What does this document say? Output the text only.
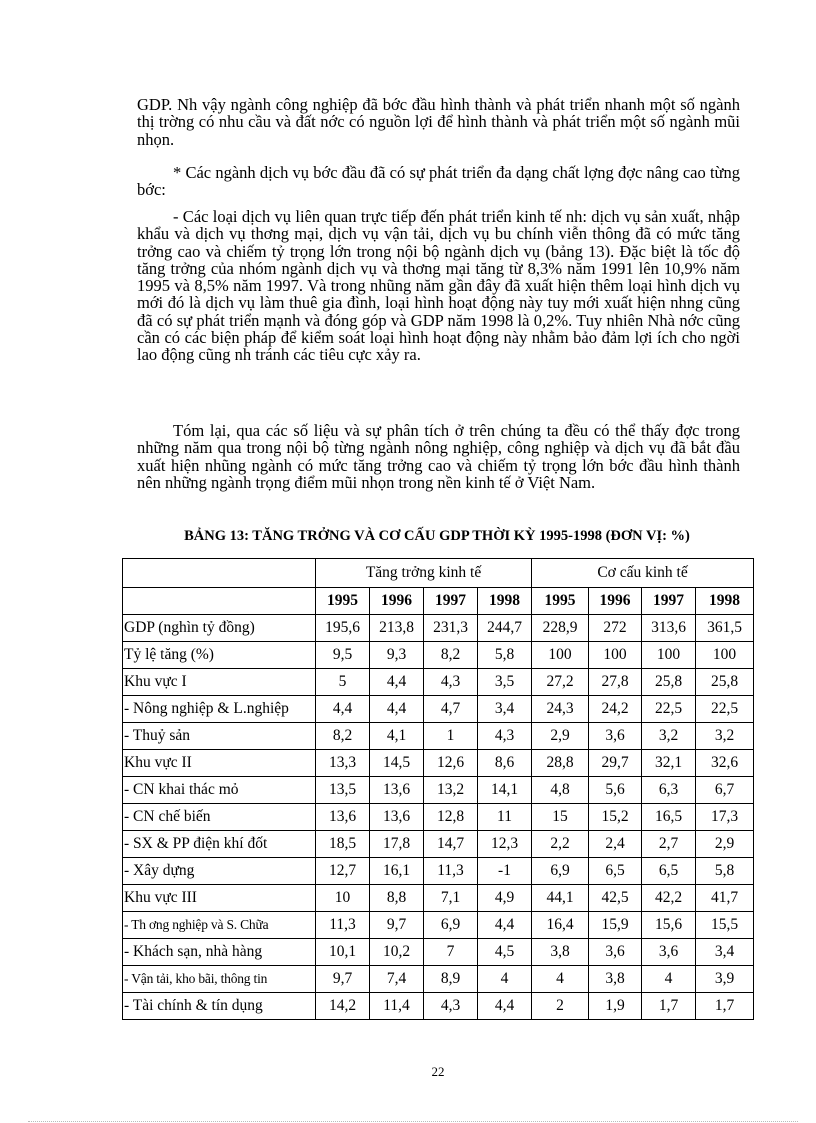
GDP. Nh vậy ngành công nghiệp đã bớc đầu hình thành và phát triển nhanh một số ngành thị trờng có nhu cầu và đất nớc có nguồn lợi để hình thành và phát triển một số ngành mũi nhọn.

* Các ngành dịch vụ bớc đầu đã có sự phát triển đa dạng chất lợng đợc nâng cao từng bớc:

- Các loại dịch vụ liên quan trực tiếp đến phát triển kinh tế nh: dịch vụ sản xuất, nhập khẩu và dịch vụ thơng mại, dịch vụ vận tải, dịch vụ bu chính viễn thông đã có mức tăng trởng cao và chiếm tỷ trọng lớn trong nội bộ ngành dịch vụ (bảng 13). Đặc biệt là tốc độ tăng trởng của nhóm ngành dịch vụ và thơng mại tăng từ 8,3% năm 1991 lên 10,9% năm 1995 và 8,5% năm 1997. Và trong nhũng năm gần đây đã xuất hiện thêm loại hình dịch vụ mới đó là dịch vụ làm thuê gia đình, loại hình hoạt động này tuy mới xuất hiện nhng cũng đã có sự phát triển mạnh và đóng góp và GDP năm 1998 là 0,2%. Tuy nhiên Nhà nớc cũng cần có các biện pháp để kiểm soát loại hình hoạt động này nhằm bảo đảm lợi ích cho ngời lao động cũng nh tránh các tiêu cực xảy ra.

Tóm lại, qua các số liệu và sự phân tích ở trên chúng ta đều có thể thấy đợc trong những năm qua trong nội bộ từng ngành nông nghiệp, công nghiệp và dịch vụ đã bắt đầu xuất hiện nhũng ngành có mức tăng trởng cao và chiếm tỷ trọng lớn bớc đầu hình thành nên những ngành trọng điểm mũi nhọn trong nền kinh tế ở Việt Nam.

BẢNG 13: TĂNG TRỞNG VÀ CƠ CẤU GDP THỜI KỲ 1995-1998 (ĐƠN VỊ: %)

	Tăng trởng kinh tế				Cơ cấu kinh tế			
	1995	1996	1997	1998	1995	1996	1997	1998
GDP (nghìn tỷ đồng)	195,6	213,8	231,3	244,7	228,9	272	313,6	361,5
Tỷ lệ tăng (%)	9,5	9,3	8,2	5,8	100	100	100	100
Khu vực I	5	4,4	4,3	3,5	27,2	27,8	25,8	25,8
- Nông nghiệp & L.nghiệp	4,4	4,4	4,7	3,4	24,3	24,2	22,5	22,5
- Thuỷ sản	8,2	4,1	1	4,3	2,9	3,6	3,2	3,2
Khu vực II	13,3	14,5	12,6	8,6	28,8	29,7	32,1	32,6
- CN khai thác mỏ	13,5	13,6	13,2	14,1	4,8	5,6	6,3	6,7
- CN chế biến	13,6	13,6	12,8	11	15	15,2	16,5	17,3
- SX & PP điện khí đốt	18,5	17,8	14,7	12,3	2,2	2,4	2,7	2,9
- Xây dựng	12,7	16,1	11,3	-1	6,9	6,5	6,5	5,8
Khu vực III	10	8,8	7,1	4,9	44,1	42,5	42,2	41,7
- Th ơng nghiệp và S. Chữa	11,3	9,7	6,9	4,4	16,4	15,9	15,6	15,5
- Khách sạn, nhà hàng	10,1	10,2	7	4,5	3,8	3,6	3,6	3,4
- Vận tải, kho bãi, thông tin	9,7	7,4	8,9	4	4	3,8	4	3,9
- Tài chính & tín dụng	14,2	11,4	4,3	4,4	2	1,9	1,7	1,7

22
